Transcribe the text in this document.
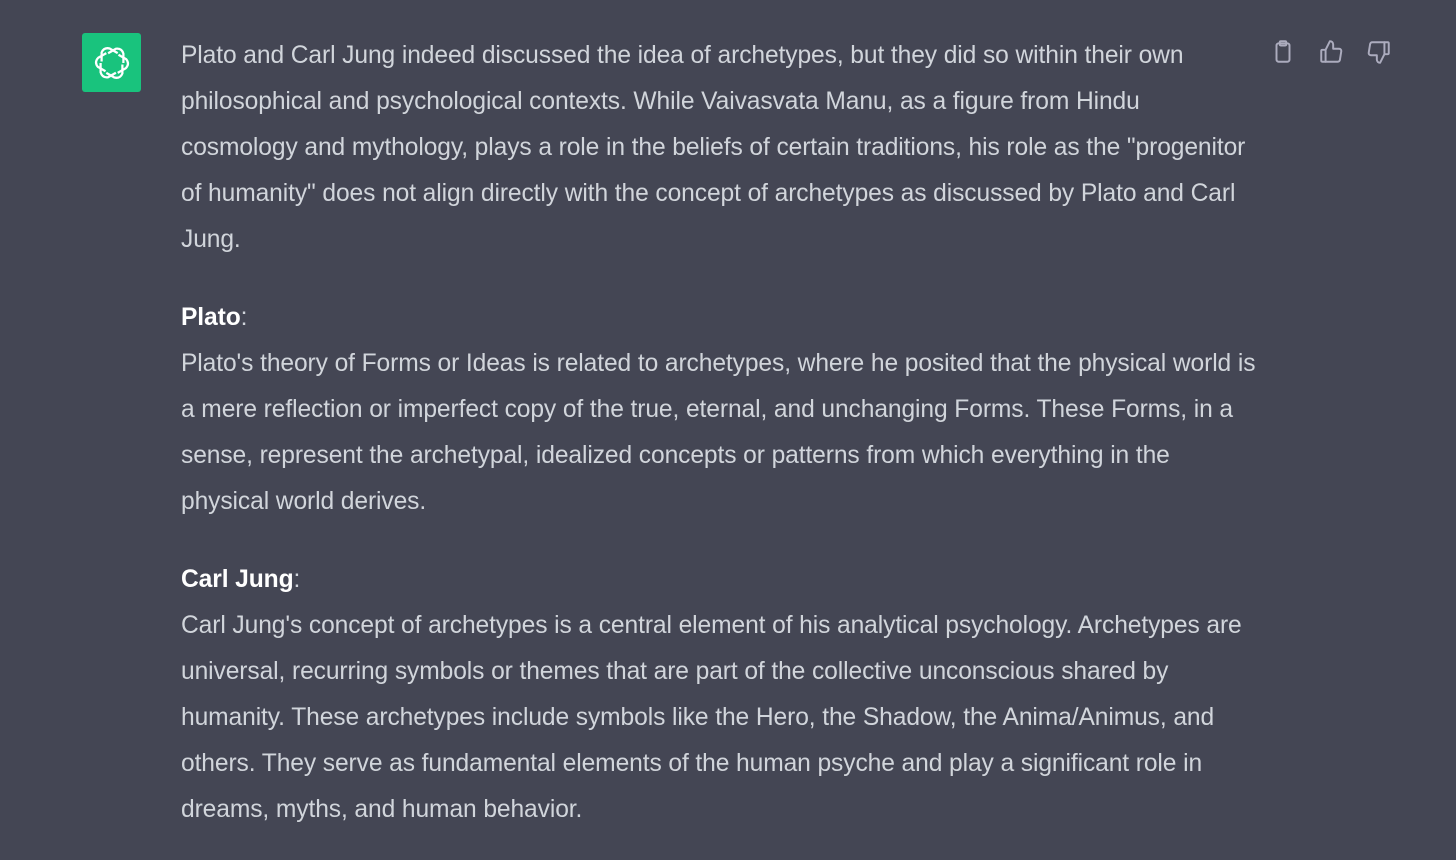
Plato and Carl Jung indeed discussed the idea of archetypes, but they did so within their own philosophical and psychological contexts. While Vaivasvata Manu, as a figure from Hindu cosmology and mythology, plays a role in the beliefs of certain traditions, his role as the "progenitor of humanity" does not align directly with the concept of archetypes as discussed by Plato and Carl Jung.

Plato:
Plato's theory of Forms or Ideas is related to archetypes, where he posited that the physical world is a mere reflection or imperfect copy of the true, eternal, and unchanging Forms. These Forms, in a sense, represent the archetypal, idealized concepts or patterns from which everything in the physical world derives.

Carl Jung:
Carl Jung's concept of archetypes is a central element of his analytical psychology. Archetypes are universal, recurring symbols or themes that are part of the collective unconscious shared by humanity. These archetypes include symbols like the Hero, the Shadow, the Anima/Animus, and others. They serve as fundamental elements of the human psyche and play a significant role in dreams, myths, and human behavior.
